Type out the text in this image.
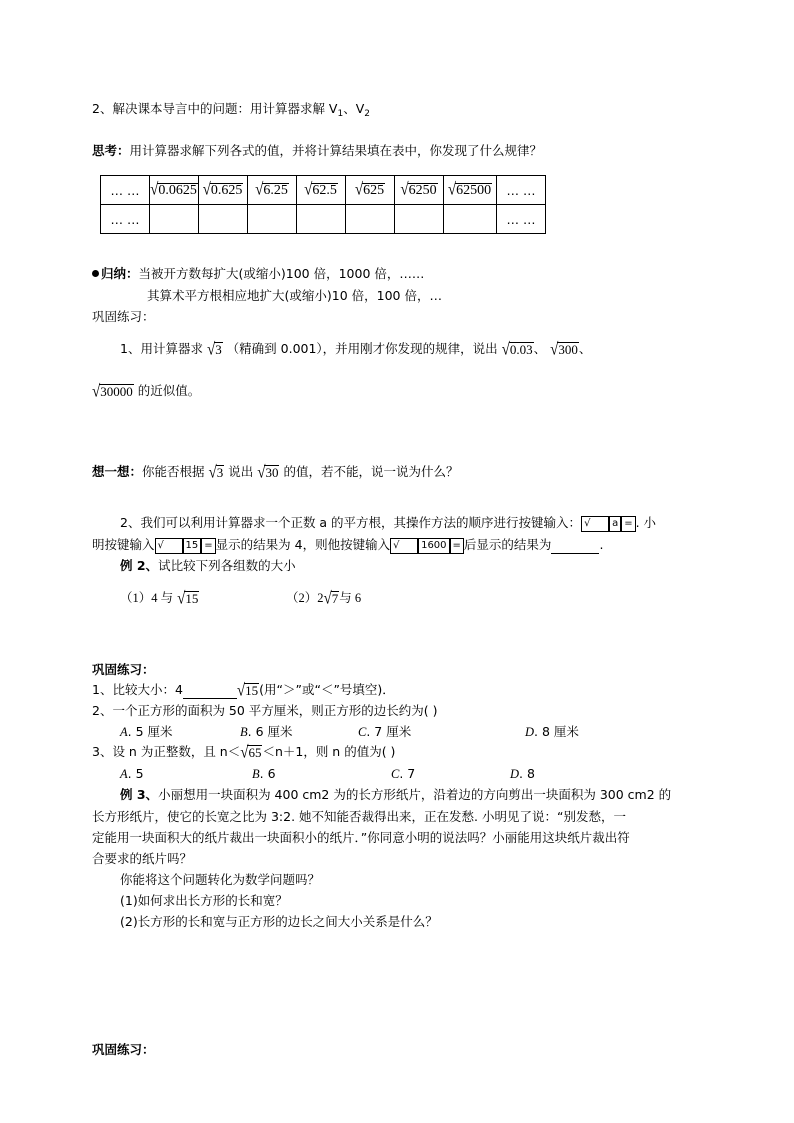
2、解决课本导言中的问题：用计算器求解 $V_1$、$V_2$
思考：用计算器求解下列各式的值，并将计算结果填在表中，你发现了什么规律？
… …	√0.0625	√0.625	√6.25	√62.5	√625	√6250	√62500	… …
… …								… …
归纳：当被开方数每扩大(或缩小)100 倍，1000 倍，……
其算术平方根相应地扩大(或缩小)10 倍，100 倍，…
巩固练习：
1、用计算器求 √3 （精确到 0.001），并用刚才你发现的规律，说出 √0.03、 √300、
√30000 的近似值。
想一想：你能否根据 √3 说出 √30 的值，若不能，说一说为什么？
2、我们可以利用计算器求一个正数 a 的平方根，其操作方法的顺序进行按键输入： √ a = . 小
明按键输入 √ 15 = 显示的结果为 4，则他按键输入 √ 1600 = 后显示的结果为	.
例 2、试比较下列各组数的大小
（1）4 与 √15	（2）2√7与 6
巩固练习：
1、比较大小：4	√15(用“＞”或“＜”号填空)．
2、一个正方形的面积为 50 平方厘米，则正方形的边长约为( )
A. 5 厘米	B. 6 厘米	C. 7 厘米	D. 8 厘米
3、设 n 为正整数，且 n＜√65＜n＋1，则 n 的值为( )
A. 5	B. 6	C. 7	D. 8
例 3、小丽想用一块面积为 400 cm2 为的长方形纸片，沿着边的方向剪出一块面积为 300 cm2 的
长方形纸片，使它的长宽之比为 3:2. 她不知能否裁得出来，正在发愁. 小明见了说：“别发愁，一
定能用一块面积大的纸片裁出一块面积小的纸片．”你同意小明的说法吗？小丽能用这块纸片裁出符
合要求的纸片吗？
你能将这个问题转化为数学问题吗？
(1)如何求出长方形的长和宽？
(2)长方形的长和宽与正方形的边长之间大小关系是什么？
巩固练习：
